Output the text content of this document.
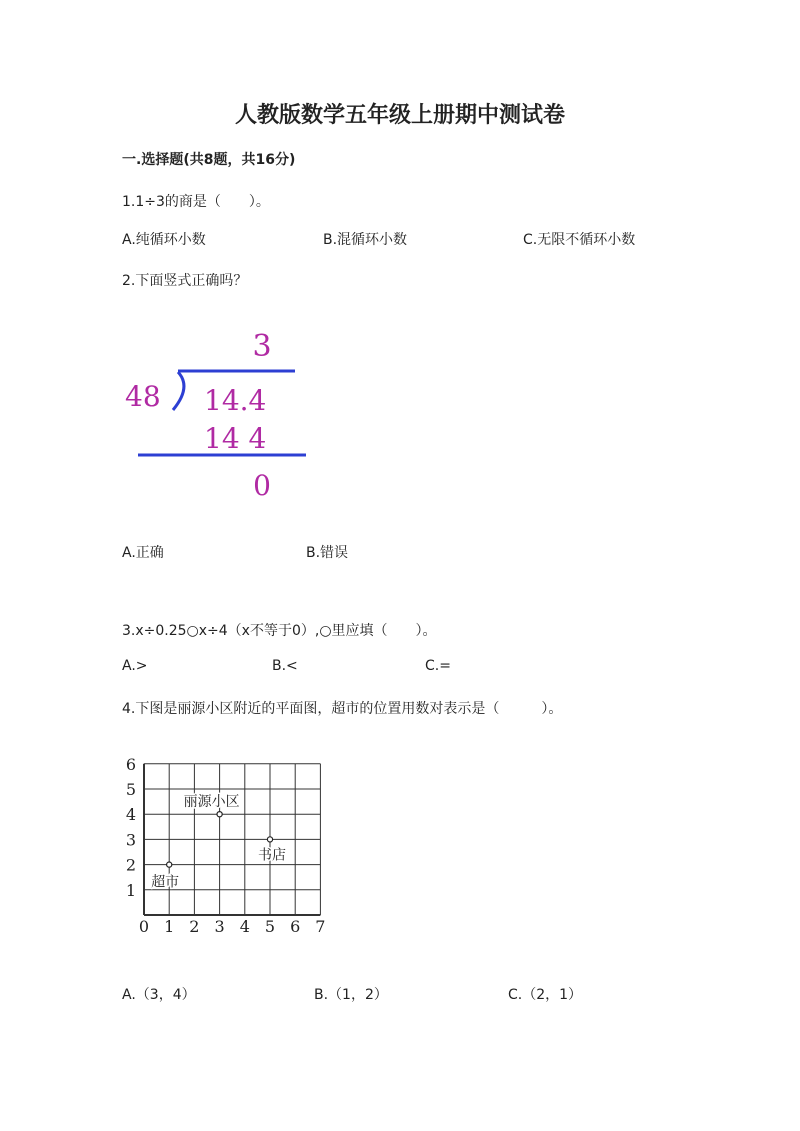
人教版数学五年级上册期中测试卷
一.选择题(共8题，共16分)
1.1÷3的商是（　　）。
A.纯循环小数	B.混循环小数	C.无限不循环小数
2.下面竖式正确吗？
3
48 14.4
14 4
0
A.正确	B.错误
3.x÷0.25○x÷4（x不等于0）,○里应填（　　）。
A.>	B.<	C.=
4.下图是丽源小区附近的平面图，超市的位置用数对表示是（　　　）。
0 1 2 3 4 5 6 7
1
2
3
4
5
6
丽源小区
书店
超市
A.（3，4）	B.（1，2）	C.（2，1）
